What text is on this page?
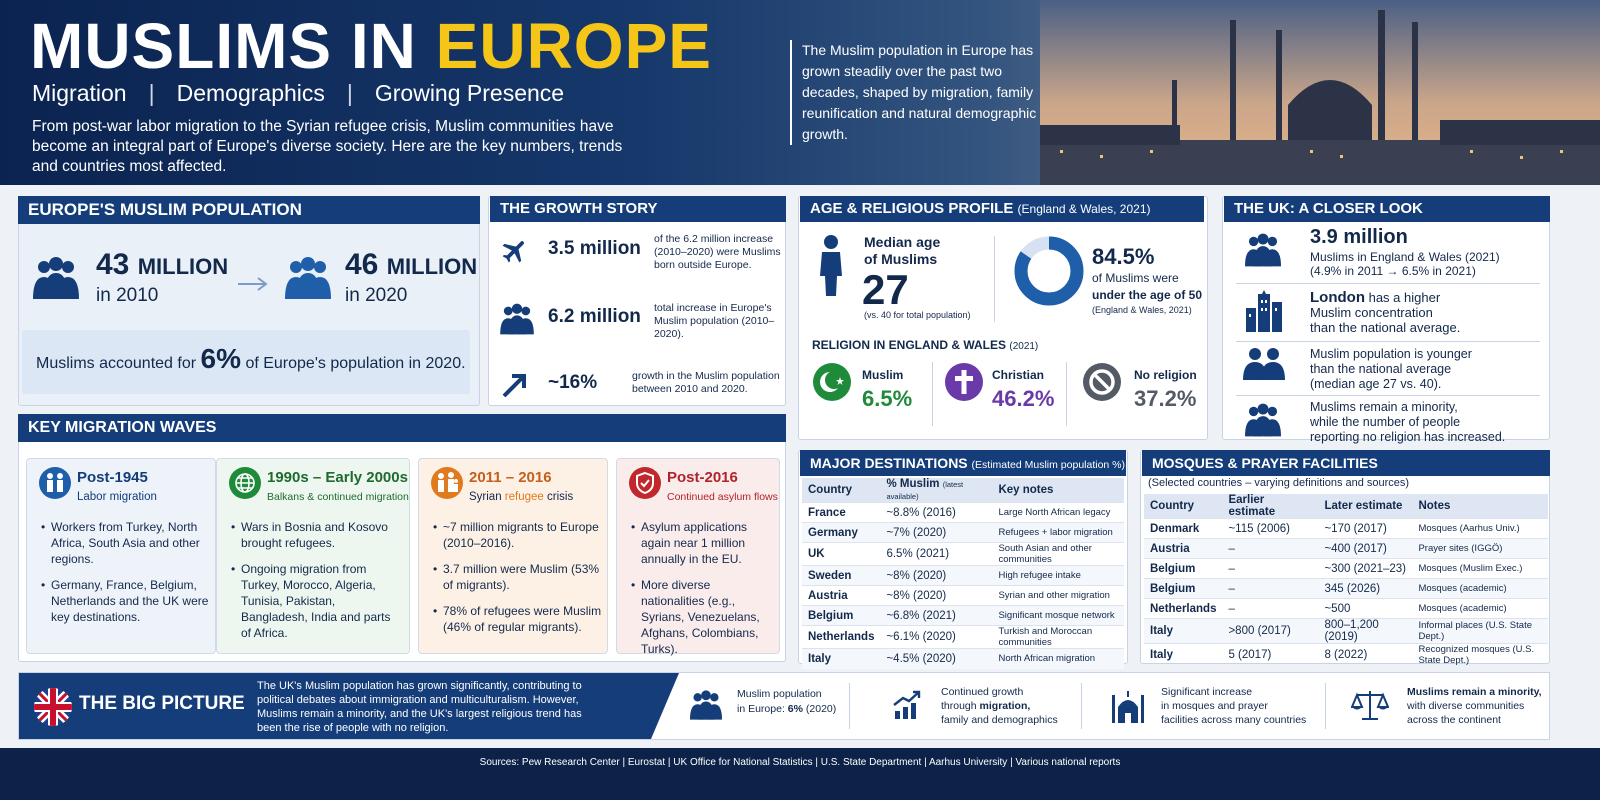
MUSLIMS IN EUROPE
Migration | Demographics | Growing Presence
From post-war labor migration to the Syrian refugee crisis, Muslim communities have become an integral part of Europe's diverse society. Here are the key numbers, trends and countries most affected.
The Muslim population in Europe has grown steadily over the past two decades, shaped by migration, family reunification and natural demographic growth.
EUROPE'S MUSLIM POPULATION
43 MILLION
in 2010
46 MILLION
in 2020
Muslims accounted for 6% of Europe's population in 2020.
THE GROWTH STORY
3.5 million of the 6.2 million increase (2010–2020) were Muslims born outside Europe.
6.2 million total increase in Europe's Muslim population (2010–2020).
~16%	growth in the Muslim population between 2010 and 2020.
AGE & RELIGIOUS PROFILE (England & Wales, 2021)
Median age
of Muslims
27
(vs. 40 for total population)
84.5%
of Muslims were
under the age of 50
(England & Wales, 2021)
RELIGION IN ENGLAND & WALES (2021)
Muslim
6.5%
Christian
46.2%
No religion
37.2%
THE UK: A CLOSER LOOK
3.9 million
Muslims in England & Wales (2021)
(4.9% in 2011 → 6.5% in 2021)
London has a higher
Muslim concentration
than the national average.
Muslim population is younger
than the national average
(median age 27 vs. 40).
Muslims remain a minority,
while the number of people
reporting no religion has increased.
KEY MIGRATION WAVES
Post-1945
Labor migration
• Workers from Turkey, North Africa, South Asia and other regions.
• Germany, France, Belgium, Netherlands and the UK were key destinations.
1990s – Early 2000s
Balkans & continued migration
• Wars in Bosnia and Kosovo brought refugees.
• Ongoing migration from Turkey, Morocco, Algeria, Tunisia, Pakistan, Bangladesh, India and parts of Africa.
2011 – 2016
Syrian refugee crisis
• ~7 million migrants to Europe (2010–2016).
• 3.7 million were Muslim (53% of migrants).
• 78% of refugees were Muslim (46% of regular migrants).
Post-2016
Continued asylum flows
• Asylum applications again near 1 million annually in the EU.
• More diverse nationalities (e.g., Syrians, Venezuelans, Afghans, Colombians, Turks).
MAJOR DESTINATIONS (Estimated Muslim population %)
Country	% Muslim (latest available)	Key notes
France	~8.8% (2016)	Large North African legacy
Germany	~7% (2020)	Refugees + labor migration
UK	6.5% (2021)	South Asian and other communities
Sweden	~8% (2020)	High refugee intake
Austria	~8% (2020)	Syrian and other migration
Belgium	~6.8% (2021)	Significant mosque network
Netherlands	~6.1% (2020)	Turkish and Moroccan communities
Italy	~4.5% (2020)	North African migration
MOSQUES & PRAYER FACILITIES
(Selected countries – varying definitions and sources)
Country	Earlier estimate	Later estimate	Notes
Denmark	~115 (2006)	~170 (2017)	Mosques (Aarhus Univ.)
Austria	–	~400 (2017)	Prayer sites (IGGÖ)
Belgium	–	~300 (2021–23)	Mosques (Muslim Exec.)
Belgium	–	345 (2026)	Mosques (academic)
Netherlands	–	~500	Mosques (academic)
Italy	>800 (2017)	800–1,200 (2019)	Informal places (U.S. State Dept.)
Italy	5 (2017)	8 (2022)	Recognized mosques (U.S. State Dept.)
THE BIG PICTURE
The UK's Muslim population has grown significantly, contributing to political debates about immigration and multiculturalism. However, Muslims remain a minority, and the UK's largest religious trend has been the rise of people with no religion.
Muslim population
in Europe: 6% (2020)
Continued growth
through migration,
family and demographics
Significant increase
in mosques and prayer
facilities across many countries
Muslims remain a minority,
with diverse communities
across the continent
Sources: Pew Research Center | Eurostat | UK Office for National Statistics | U.S. State Department | Aarhus University | Various national reports
